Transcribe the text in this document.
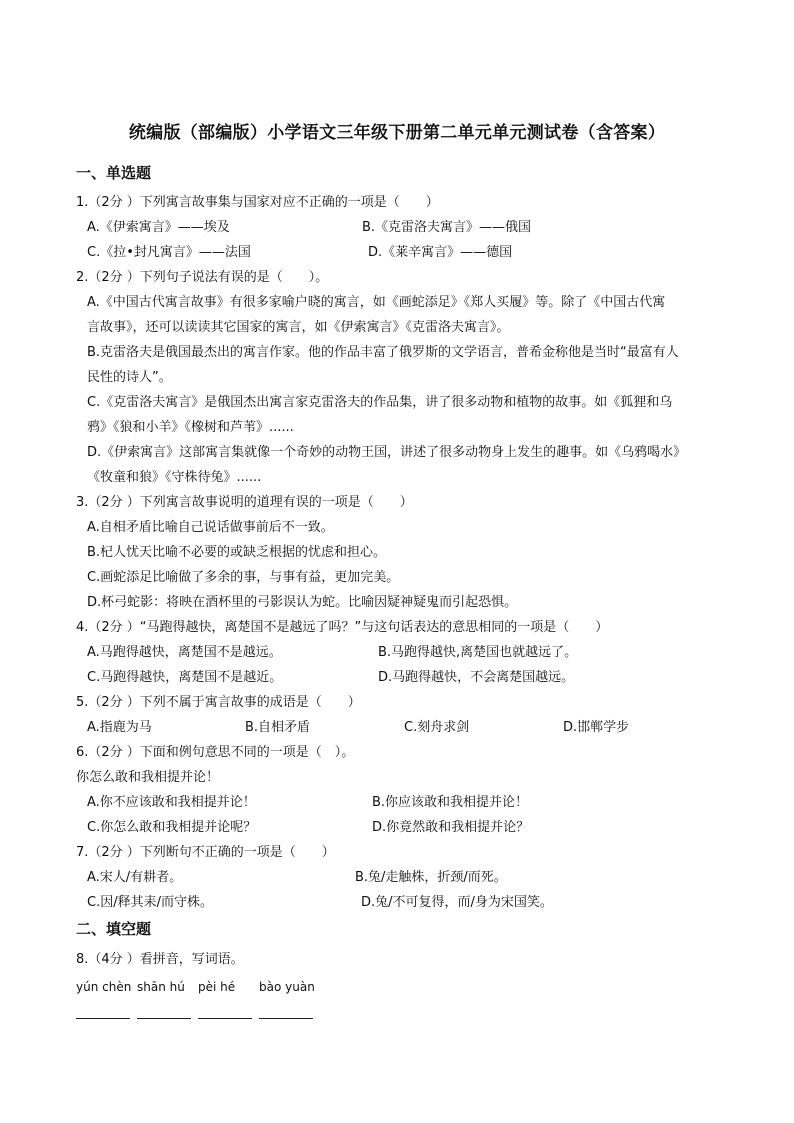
统编版（部编版）小学语文三年级下册第二单元单元测试卷（含答案）
一、单选题
1.（2分 ）下列寓言故事集与国家对应不正确的一项是（　　）
A.《伊索寓言》——埃及	B.《克雷洛夫寓言》——俄国
C.《拉•封凡寓言》——法国	D.《莱辛寓言》——德国
2.（2分 ）下列句子说法有误的是（　　）。
A.《中国古代寓言故事》有很多家喻户晓的寓言，如《画蛇添足》《郑人买履》等。除了《中国古代寓
言故事》，还可以读读其它国家的寓言，如《伊索寓言》《克雷洛夫寓言》。
B.克雷洛夫是俄国最杰出的寓言作家。他的作品丰富了俄罗斯的文学语言，普希金称他是当时“最富有人
民性的诗人”。
C.《克雷洛夫寓言》是俄国杰出寓言家克雷洛夫的作品集，讲了很多动物和植物的故事。如《狐狸和乌
鸦》《狼和小羊》《橡树和芦苇》......
D.《伊索寓言》这部寓言集就像一个奇妙的动物王国，讲述了很多动物身上发生的趣事。如《乌鸦喝水》
《牧童和狼》《守株待兔》......
3.（2分 ）下列寓言故事说明的道理有误的一项是（　　）
A.自相矛盾比喻自己说话做事前后不一致。
B.杞人忧天比喻不必要的或缺乏根据的忧虑和担心。
C.画蛇添足比喻做了多余的事，与事有益，更加完美。
D.杯弓蛇影：将映在酒杯里的弓影误认为蛇。比喻因疑神疑鬼而引起恐惧。
4.（2分 ）“马跑得越快，离楚国不是越远了吗？”与这句话表达的意思相同的一项是（　　）
A.马跑得越快，离楚国不是越远。	B.马跑得越快,离楚国也就越远了。
C.马跑得越快，离楚国不是越近。	D.马跑得越快，不会离楚国越远。
5.（2分 ）下列不属于寓言故事的成语是（　　）
A.指鹿为马	B.自相矛盾	C.刻舟求剑	D.邯郸学步
6.（2分 ）下面和例句意思不同的一项是（　）。
你怎么敢和我相提并论！
A.你不应该敢和我相提并论！	B.你应该敢和我相提并论！
C.你怎么敢和我相提并论呢？	D.你竟然敢和我相提并论？
7.（2分 ）下列断句不正确的一项是（　　）
A.宋人/有耕者。	B.兔/走触株，折颈/而死。
C.因/释其耒/而守株。	D.兔/不可复得，而/身为宋国笑。
二、填空题
8.（4分 ）看拼音，写词语。
yún chèn shān hú pèi hé bào yuàn
